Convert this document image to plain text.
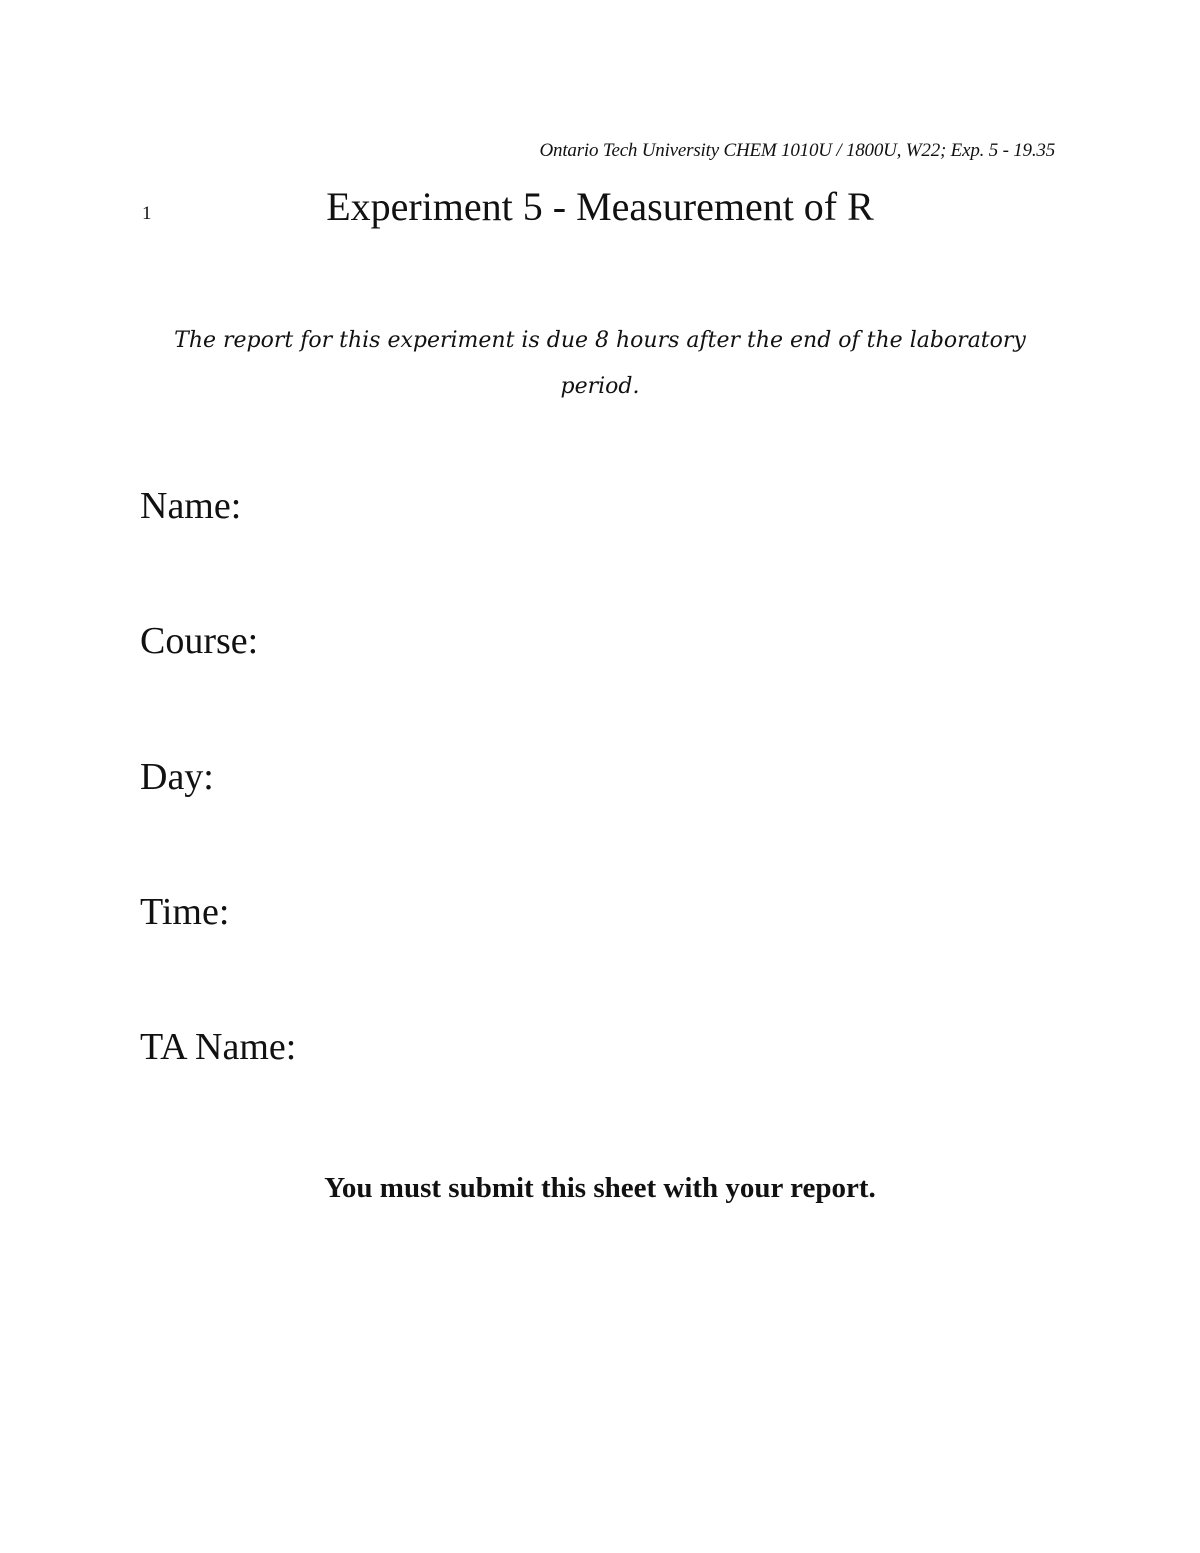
Ontario Tech University CHEM 1010U / 1800U, W22; Exp. 5 - 19.35
1	Experiment 5 - Measurement of R
The report for this experiment is due 8 hours after the end of the laboratory period.
Name:
Course:
Day:
Time:
TA Name:
You must submit this sheet with your report.
